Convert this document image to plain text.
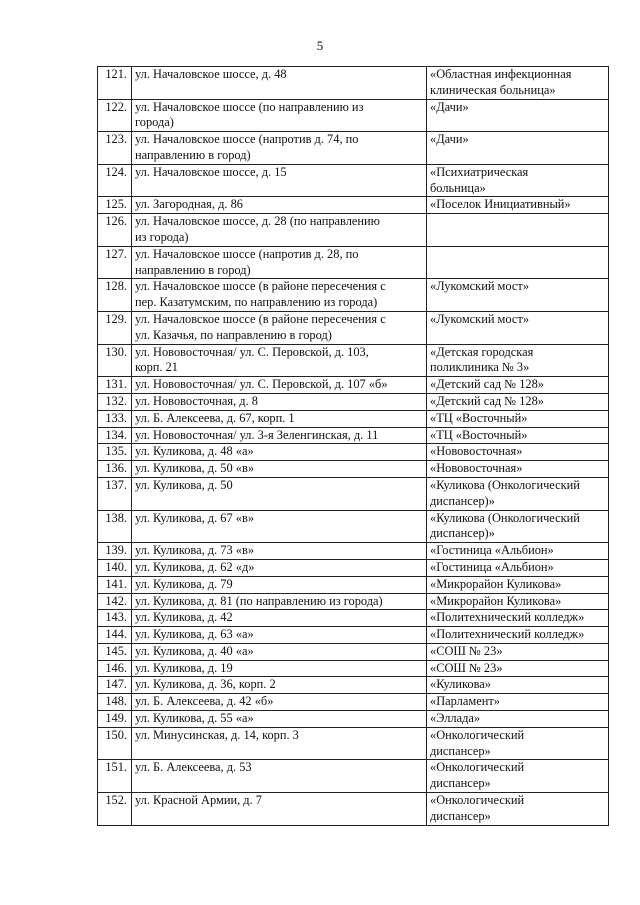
5
121.	ул. Началовское шоссе, д. 48	«Областная инфекционная
клиническая больница»
122.	ул. Началовское шоссе (по направлению из
города)	«Дачи»
123.	ул. Началовское шоссе (напротив д. 74, по
направлению в город)	«Дачи»
124.	ул. Началовское шоссе, д. 15	«Психиатрическая
больница»
125.	ул. Загородная, д. 86	«Поселок Инициативный»
126.	ул. Началовское шоссе, д. 28 (по направлению
из города)	
127.	ул. Началовское шоссе (напротив д. 28, по
направлению в город)	
128.	ул. Началовское шоссе (в районе пересечения с
пер. Казатумским, по направлению из города)	«Лукомский мост»
129.	ул. Началовское шоссе (в районе пересечения с
ул. Казачья, по направлению в город)	«Лукомский мост»
130.	ул. Нововосточная/ ул. С. Перовской, д. 103,
корп. 21	«Детская городская
поликлиника № 3»
131.	ул. Нововосточная/ ул. С. Перовской, д. 107 «б»	«Детский сад № 128»
132.	ул. Нововосточная, д. 8	«Детский сад № 128»
133.	ул. Б. Алексеева, д. 67, корп. 1	«ТЦ «Восточный»
134.	ул. Нововосточная/ ул. 3-я Зеленгинская, д. 11	«ТЦ «Восточный»
135.	ул. Куликова, д. 48 «а»	«Нововосточная»
136.	ул. Куликова, д. 50 «в»	«Нововосточная»
137.	ул. Куликова, д. 50	«Куликова (Онкологический
диспансер)»
138.	ул. Куликова, д. 67 «в»	«Куликова (Онкологический
диспансер)»
139.	ул. Куликова, д. 73 «в»	«Гостиница «Альбион»
140.	ул. Куликова, д. 62 «д»	«Гостиница «Альбион»
141.	ул. Куликова, д. 79	«Микрорайон Куликова»
142.	ул. Куликова, д. 81 (по направлению из города)	«Микрорайон Куликова»
143.	ул. Куликова, д. 42	«Политехнический колледж»
144.	ул. Куликова, д. 63 «а»	«Политехнический колледж»
145.	ул. Куликова, д. 40 «а»	«СОШ № 23»
146.	ул. Куликова, д. 19	«СОШ № 23»
147.	ул. Куликова, д. 36, корп. 2	«Куликова»
148.	ул. Б. Алексеева, д. 42 «б»	«Парламент»
149.	ул. Куликова, д. 55 «а»	«Эллада»
150.	ул. Минусинская, д. 14, корп. 3	«Онкологический
диспансер»
151.	ул. Б. Алексеева, д. 53	«Онкологический
диспансер»
152.	ул. Красной Армии, д. 7	«Онкологический
диспансер»
